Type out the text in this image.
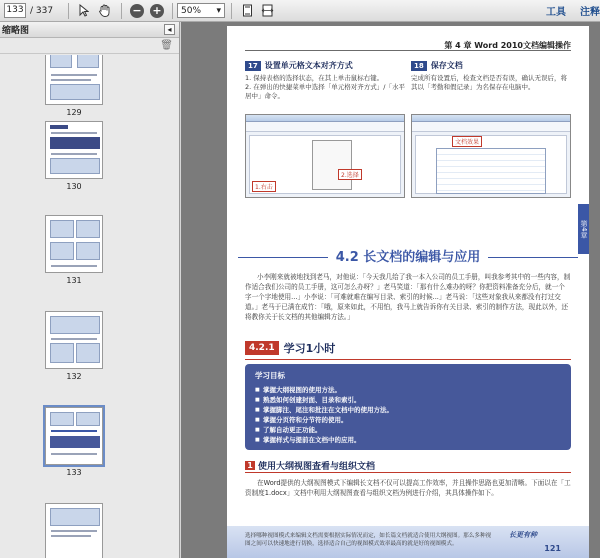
133 / 337	− + 50% ▾	工具 注释
缩略图	◂
🗑
129
130
131
132
133
第 4 章 Word 2010文档编辑操作
17 设置单元格文本对齐方式
1. 保持表格的选择状态，在其上单击鼠标右键。
2. 在弹出的快捷菜单中选择「单元格对齐方式」/「水平居中」命令。
18 保存文档
完成所有设置后，检查文档是否有误，确认无误后，将其以「考勤和假记录」为名保存在电脑中。
1.右击
2.选择
文档效果
4.2 长文档的编辑与应用
小李刚来就被地找到老马，对他说：「今天我几给了我一本入公司的员工手册，叫我参考其中的一些内容，制作适合我们公司的员工手册，这可怎么办呀？」老马笑道：「那有什么难办的呀？你把资料准备充分后，就一个字一个字地使用...」小李说：「可难就难在编写目录、索引的时候...」老马说：「这些对象我从来都没有打过交道。」老马于已满在成竹：「哦，原来如此，不用怕，我马上就告诉你有关目录、索引的制作方法，现此以外，还将教你关于长文档的其他编辑方法。」
4.2.1 学习1小时
学习目标
■ 掌握大纲视图的使用方法。
■ 熟悉如何创建封面、目录和索引。
■ 掌握脚注、尾注和批注在文档中的使用方法。
■ 掌握分页符和分节符的使用。
■ 了解自动更正功能。
■ 掌握样式与提前在文档中的应用。
1 使用大纲视图查看与组织文档
在Word提供的大纲视图模式下编辑长文档不仅可以提高工作效率，并且操作思路也更加清晰。下面以在「工资制度1.docx」文档中利用大纲视图查看与组织文档为例进行介绍，其具体操作如下。
选择哪种视图模式来编辑文档需要根据实际情况而定，如长篇文档就适合使用大纲视图。那么多种视图之间可以快速地进行切换，选择适合自己的视图模式效率最高的就是好的视图模式。
长更有种
121
第4章
